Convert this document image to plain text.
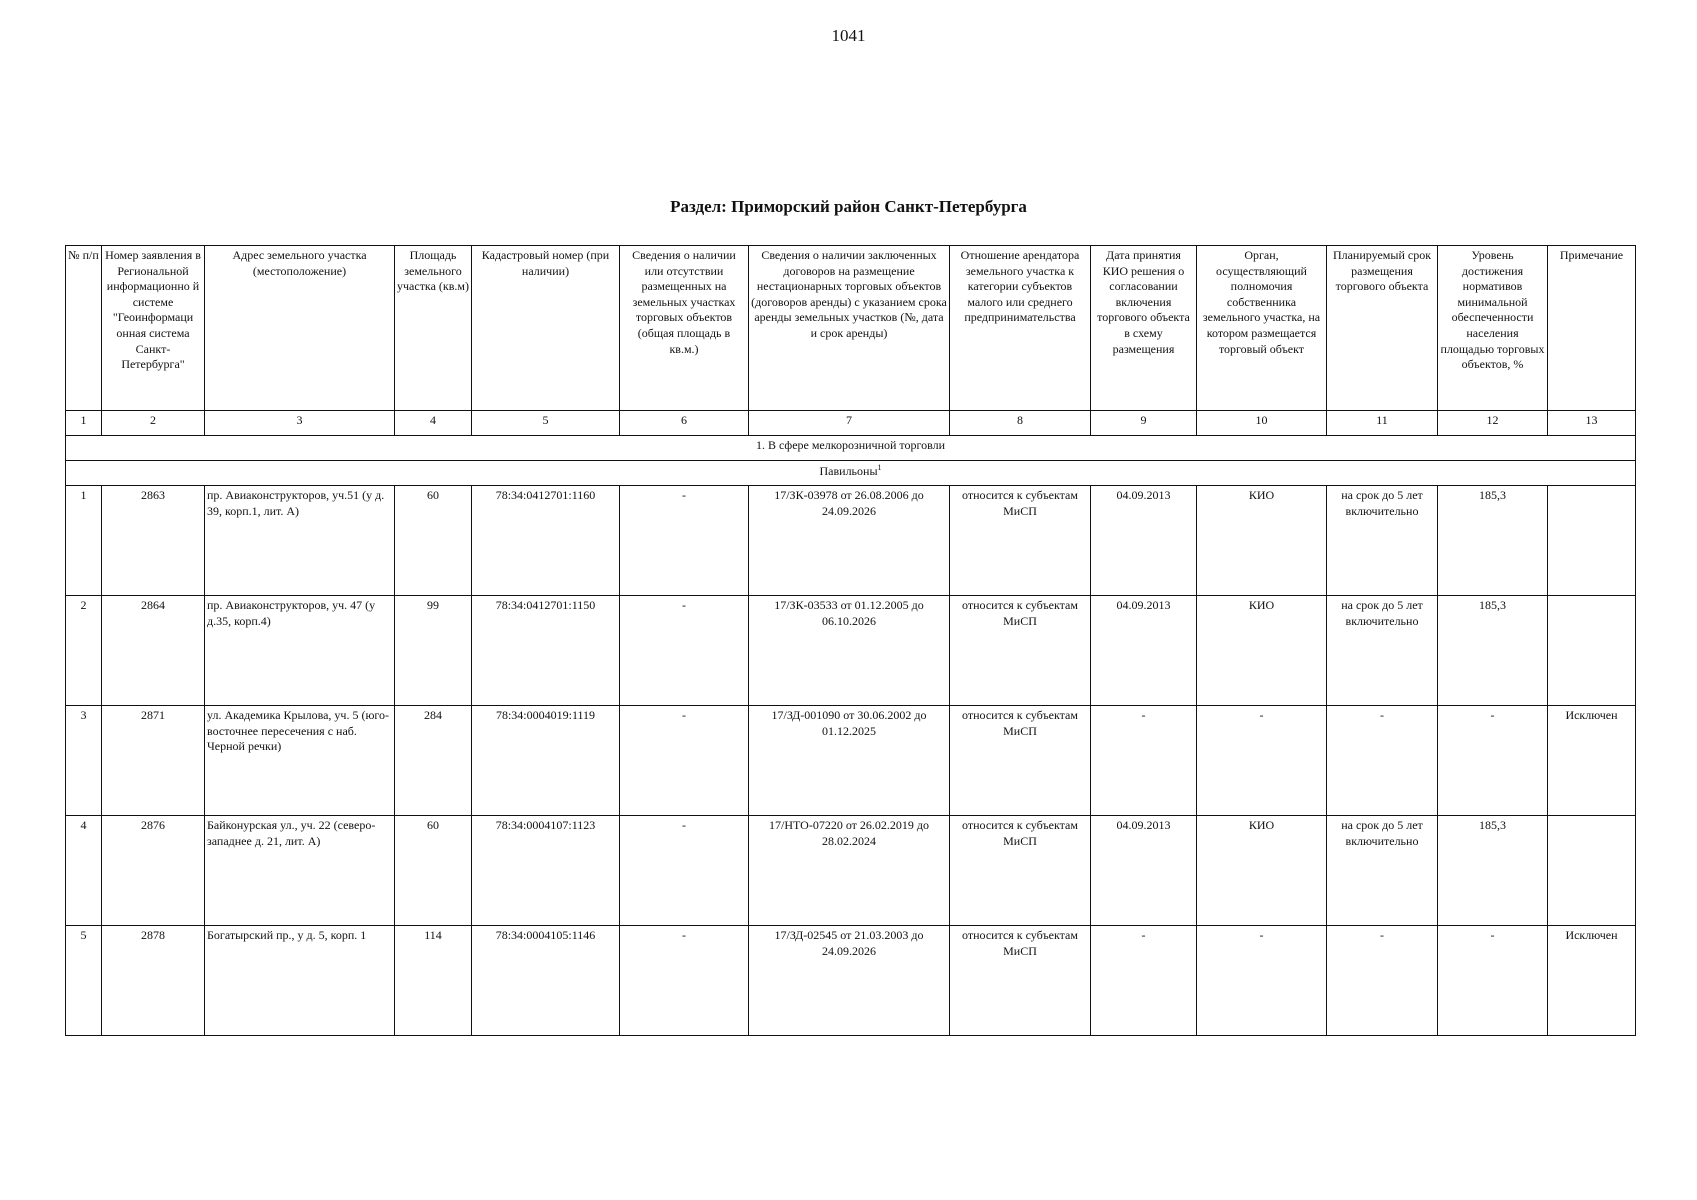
1041
Раздел: Приморский район Санкт-Петербурга
№ п/п	Номер заявления в Региональной информационно й системе "Геоинформаци онная система Санкт-Петербурга"	Адрес земельного участка (местоположение)	Площадь земельного участка (кв.м)	Кадастровый номер (при наличии)	Сведения о наличии или отсутствии размещенных на земельных участках торговых объектов (общая площадь в кв.м.)	Сведения о наличии заключенных договоров на размещение нестационарных торговых объектов (договоров аренды) с указанием срока аренды земельных участков (№, дата и срок аренды)	Отношение арендатора земельного участка к категории субъектов малого или среднего предпринимательства	Дата принятия КИО решения о согласовании включения торгового объекта в схему размещения	Орган, осуществляющий полномочия собственника земельного участка, на котором размещается торговый объект	Планируемый срок размещения торгового объекта	Уровень достижения нормативов минимальной обеспеченности населения площадью торговых объектов, %	Примечание
1	2	3	4	5	6	7	8	9	10	11	12	13
1. В сфере мелкорозничной торговли												
Павильоны$^1$
1	2863	пр. Авиаконструкторов, уч.51 (у д. 39, корп.1, лит. А)	60	78:34:0412701:1160	-	17/ЗК-03978 от 26.08.2006 до 24.09.2026	относится к субъектам МиСП	04.09.2013	КИО	на срок до 5 лет включительно	185,3	
2	2864	пр. Авиаконструкторов, уч. 47 (у д.35, корп.4)	99	78:34:0412701:1150	-	17/ЗК-03533 от 01.12.2005 до 06.10.2026	относится к субъектам МиСП	04.09.2013	КИО	на срок до 5 лет включительно	185,3	
3	2871	ул. Академика Крылова, уч. 5 (юго-восточнее пересечения с наб. Черной речки)	284	78:34:0004019:1119	-	17/ЗД-001090 от 30.06.2002 до 01.12.2025	относится к субъектам МиСП	-	-	-	-	Исключен
4	2876	Байконурская ул., уч. 22 (северо-западнее д. 21, лит. А)	60	78:34:0004107:1123	-	17/НТО-07220 от 26.02.2019 до 28.02.2024	относится к субъектам МиСП	04.09.2013	КИО	на срок до 5 лет включительно	185,3	
5	2878	Богатырский пр., у д. 5, корп. 1	114	78:34:0004105:1146	-	17/ЗД-02545 от 21.03.2003 до 24.09.2026	относится к субъектам МиСП	-	-	-	-	Исключен
